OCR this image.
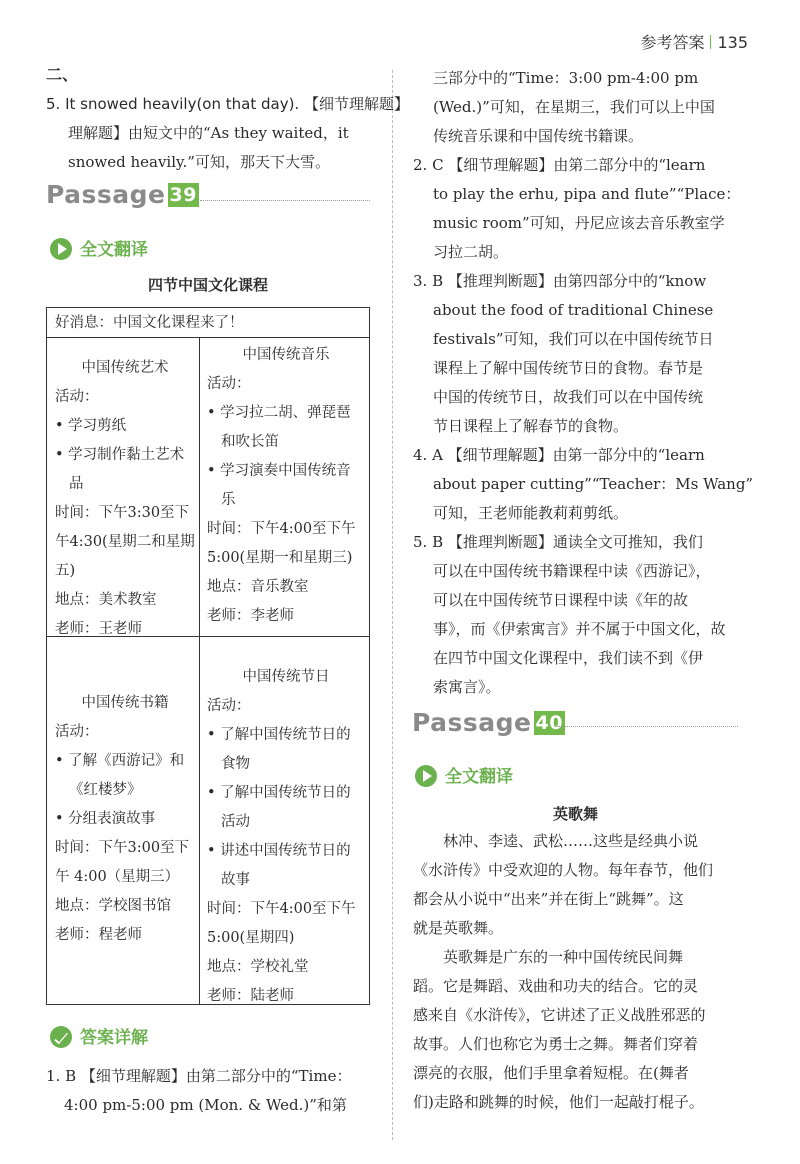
参考答案 135
二、
5. It snowed heavily(on that day). 【细节理解题】
理解题】由短文中的“As they waited，it
snowed heavily.”可知，那天下大雪。
Passage 39
全文翻译
四节中国文化课程
好消息：中国文化课程来了！
中国传统艺术
活动：
• 学习剪纸
• 学习制作黏土艺术品
时间：下午3:30至下午4:30(星期二和星期五)
地点：美术教室
老师：王老师
中国传统音乐
活动：
• 学习拉二胡、弹琵琶和吹长笛
• 学习演奏中国传统音乐
时间：下午4:00至下午5:00(星期一和星期三)
地点：音乐教室
老师：李老师
中国传统书籍
活动：
• 了解《西游记》和《红楼梦》
• 分组表演故事
时间：下午3:00至下午 4:00（星期三）
地点：学校图书馆
老师：程老师
中国传统节日
活动：
• 了解中国传统节日的食物
• 了解中国传统节日的活动
• 讲述中国传统节日的故事
时间：下午4:00至下午5:00(星期四)
地点：学校礼堂
老师：陆老师
答案详解
1. B 【细节理解题】由第二部分中的“Time：
4:00 pm-5:00 pm (Mon. & Wed.)”和第
三部分中的“Time：3:00 pm-4:00 pm
(Wed.)”可知，在星期三，我们可以上中国
传统音乐课和中国传统书籍课。
2. C 【细节理解题】由第二部分中的“learn
to play the erhu, pipa and flute”“Place：
music room”可知，丹尼应该去音乐教室学
习拉二胡。
3. B 【推理判断题】由第四部分中的“know
about the food of traditional Chinese
festivals”可知，我们可以在中国传统节日
课程上了解中国传统节日的食物。春节是
中国的传统节日，故我们可以在中国传统
节日课程上了解春节的食物。
4. A 【细节理解题】由第一部分中的“learn
about paper cutting”“Teacher：Ms Wang”
可知，王老师能教莉莉剪纸。
5. B 【推理判断题】通读全文可推知，我们
可以在中国传统书籍课程中读《西游记》，
可以在中国传统节日课程中读《年的故
事》，而《伊索寓言》并不属于中国文化，故
在四节中国文化课程中，我们读不到《伊
索寓言》。
Passage 40
全文翻译
英歌舞
林冲、李逵、武松……这些是经典小说
《水浒传》中受欢迎的人物。每年春节，他们
都会从小说中“出来”并在街上“跳舞”。这
就是英歌舞。
英歌舞是广东的一种中国传统民间舞
蹈。它是舞蹈、戏曲和功夫的结合。它的灵
感来自《水浒传》，它讲述了正义战胜邪恶的
故事。人们也称它为勇士之舞。舞者们穿着
漂亮的衣服，他们手里拿着短棍。在(舞者
们)走路和跳舞的时候，他们一起敲打棍子。
